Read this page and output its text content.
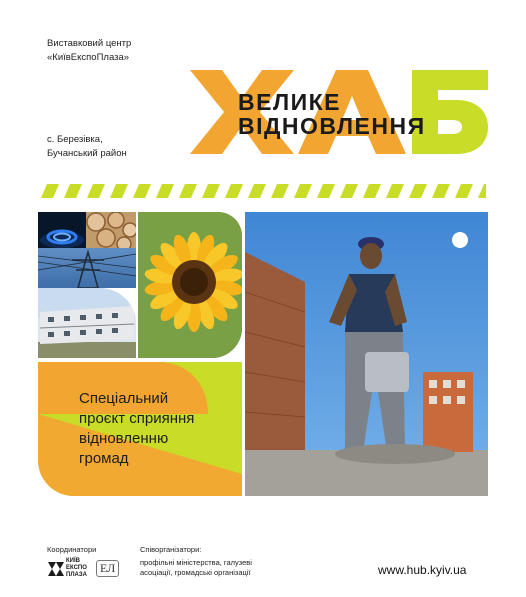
Виставковий центр
«КиївЕкспоПлаза»
с. Березівка,
Бучанський район
ВЕЛИКЕ
ВІДНОВЛЕННЯ
Спеціальний
проєкт сприяння
відновленню
громад
Координатори	Співорганізатори:
КИЇВ
ЕКСПО
ПЛАЗА	ЕЛ	профільні міністерства, галузеві
асоціації, громадські організації	www.hub.kyiv.ua
